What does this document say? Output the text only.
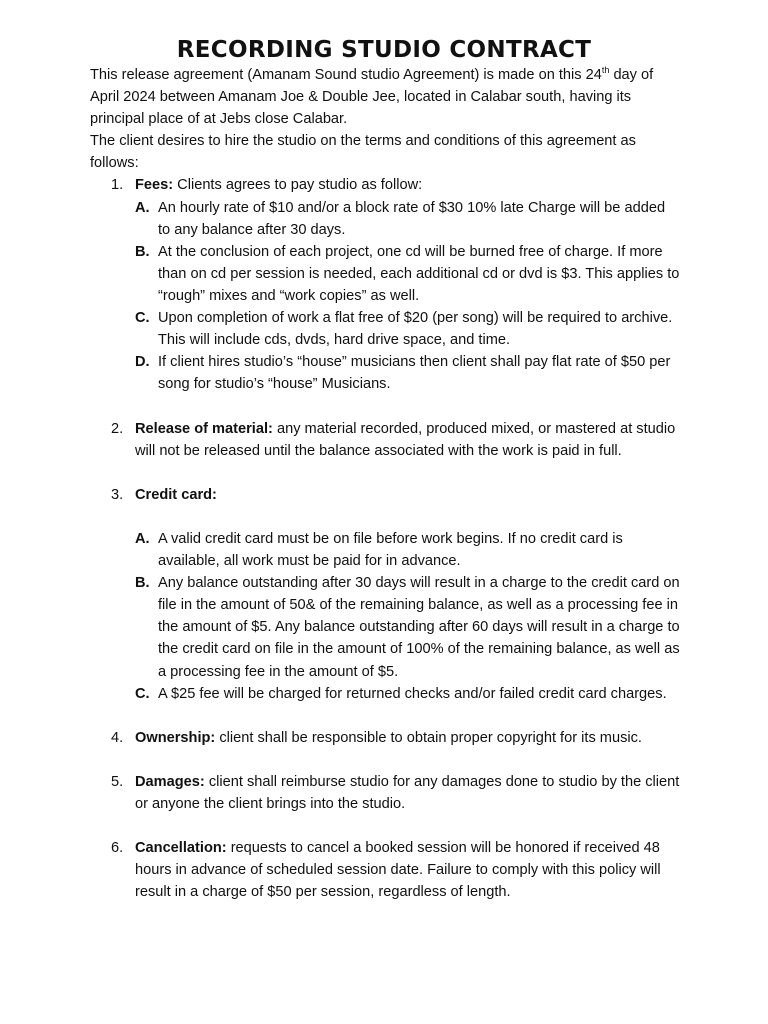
RECORDING STUDIO CONTRACT

This release agreement (Amanam Sound studio Agreement) is made on this 24th day of April 2024 between Amanam Joe & Double Jee, located in Calabar south, having its principal place of at Jebs close Calabar.

The client desires to hire the studio on the terms and conditions of this agreement as follows:

1. Fees: Clients agrees to pay studio as follow:
A. An hourly rate of $10 and/or a block rate of $30 10% late Charge will be added to any balance after 30 days.
B. At the conclusion of each project, one cd will be burned free of charge. If more than on cd per session is needed, each additional cd or dvd is $3. This applies to “rough” mixes and “work copies” as well.
C. Upon completion of work a flat free of $20 (per song) will be required to archive. This will include cds, dvds, hard drive space, and time.
D. If client hires studio’s “house” musicians then client shall pay flat rate of $50 per song for studio’s “house” Musicians.
2. Release of material: any material recorded, produced mixed, or mastered at studio will not be released until the balance associated with the work is paid in full.
3. Credit card:
A. A valid credit card must be on file before work begins. If no credit card is available, all work must be paid for in advance.
B. Any balance outstanding after 30 days will result in a charge to the credit card on file in the amount of 50& of the remaining balance, as well as a processing fee in the amount of $5. Any balance outstanding after 60 days will result in a charge to the credit card on file in the amount of 100% of the remaining balance, as well as a processing fee in the amount of $5.
C. A $25 fee will be charged for returned checks and/or failed credit card charges.
4. Ownership: client shall be responsible to obtain proper copyright for its music.
5. Damages: client shall reimburse studio for any damages done to studio by the client or anyone the client brings into the studio.
6. Cancellation: requests to cancel a booked session will be honored if received 48 hours in advance of scheduled session date. Failure to comply with this policy will result in a charge of $50 per session, regardless of length.
